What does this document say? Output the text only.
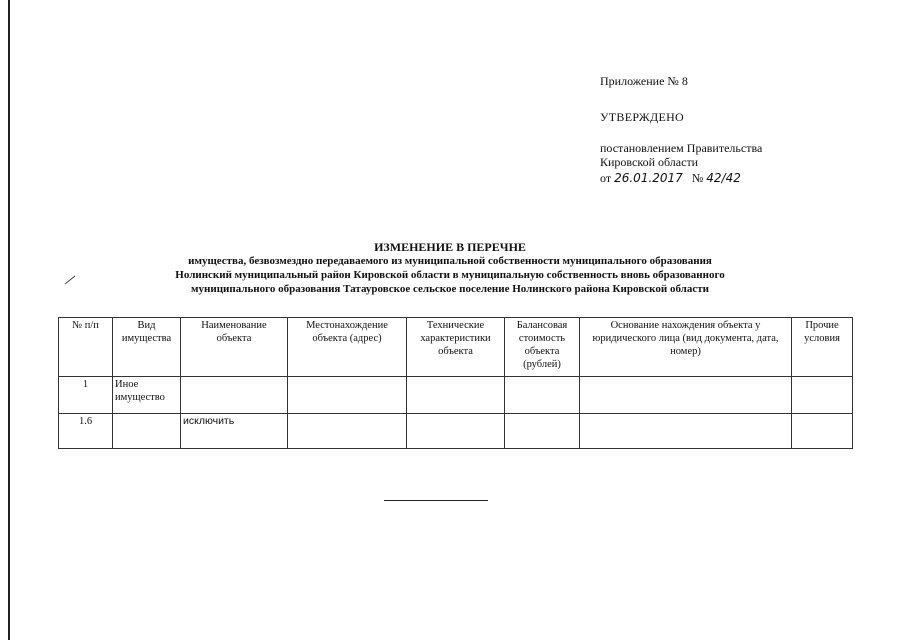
Приложение № 8
УТВЕРЖДЕНО
постановлением Правительства
Кировской области
от 26.01.2017 № 42/42
ИЗМЕНЕНИЕ В ПЕРЕЧНЕ
имущества, безвозмездно передаваемого из муниципальной собственности муниципального образования
Нолинский муниципальный район Кировской области в муниципальную собственность вновь образованного
муниципального образования Татауровское сельское поселение Нолинского района Кировской области
№ п/п	Вид имущества	Наименование объекта	Местонахождение объекта (адрес)	Технические характеристики объекта	Балансовая стоимость объекта (рублей)	Основание нахождения объекта у юридического лица (вид документа, дата, номер)	Прочие условия
1	Иное имущество						
1.6		исключить					
